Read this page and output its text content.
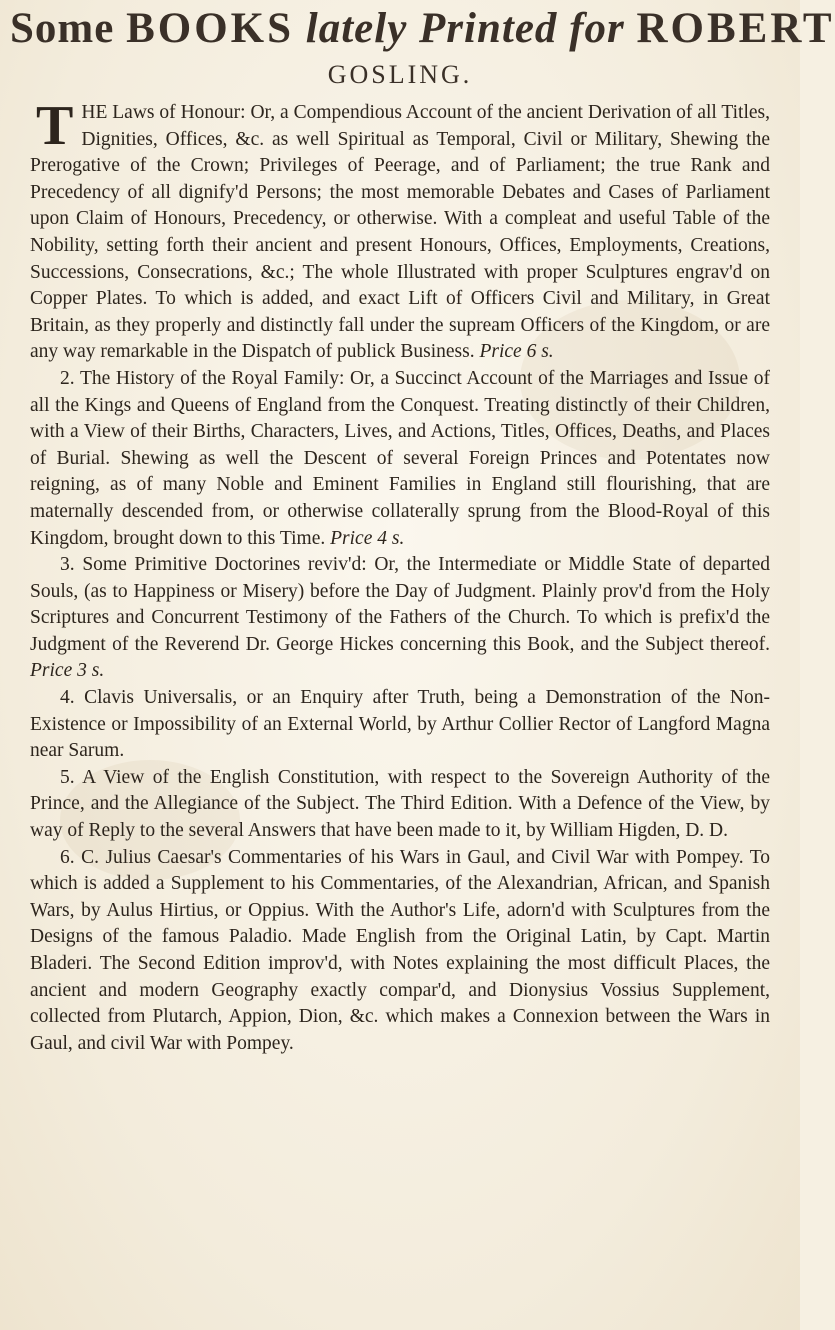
Some BOOKS lately Printed for ROBERT
GOSLING.

T HE Laws of Honour: Or, a Compendious Account of the ancient Derivation of all Titles, Dignities, Offices, &c. as well Spiritual as Temporal, Civil or Military, Shewing the Prerogative of the Crown; Privileges of Peerage, and of Parliament; the true Rank and Precedency of all dignify'd Persons; the most memorable Debates and Cases of Parliament upon Claim of Honours, Precedency, or otherwise. With a compleat and useful Table of the Nobility, setting forth their ancient and present Honours, Offices, Employments, Creations, Successions, Consecrations, &c.; The whole Illustrated with proper Sculptures engrav'd on Copper Plates. To which is added, and exact Lift of Officers Civil and Military, in Great Britain, as they properly and distinctly fall under the supream Officers of the Kingdom, or are any way remarkable in the Dispatch of publick Business. Price 6 s.

2. The History of the Royal Family: Or, a Succinct Account of the Marriages and Issue of all the Kings and Queens of England from the Conquest. Treating distinctly of their Children, with a View of their Births, Characters, Lives, and Actions, Titles, Offices, Deaths, and Places of Burial. Shewing as well the Descent of several Foreign Princes and Potentates now reigning, as of many Noble and Eminent Families in England still flourishing, that are maternally descended from, or otherwise collaterally sprung from the Blood-Royal of this Kingdom, brought down to this Time. Price 4 s.

3. Some Primitive Doctorines reviv'd: Or, the Intermediate or Middle State of departed Souls, (as to Happiness or Misery) before the Day of Judgment. Plainly prov'd from the Holy Scriptures and Concurrent Testimony of the Fathers of the Church. To which is prefix'd the Judgment of the Reverend Dr. George Hickes concerning this Book, and the Subject thereof. Price 3 s.

4. Clavis Universalis, or an Enquiry after Truth, being a Demonstration of the Non-Existence or Impossibility of an External World, by Arthur Collier Rector of Langford Magna near Sarum.

5. A View of the English Constitution, with respect to the Sovereign Authority of the Prince, and the Allegiance of the Subject. The Third Edition. With a Defence of the View, by way of Reply to the several Answers that have been made to it, by William Higden, D. D.

6. C. Julius Caesar's Commentaries of his Wars in Gaul, and Civil War with Pompey. To which is added a Supplement to his Commentaries, of the Alexandrian, African, and Spanish Wars, by Aulus Hirtius, or Oppius. With the Author's Life, adorn'd with Sculptures from the Designs of the famous Paladio. Made English from the Original Latin, by Capt. Martin Bladeri. The Second Edition improv'd, with Notes explaining the most difficult Places, the ancient and modern Geography exactly compar'd, and Dionysius Vossius Supplement, collected from Plutarch, Appion, Dion, &c. which makes a Connexion between the Wars in Gaul, and civil War with Pompey.
